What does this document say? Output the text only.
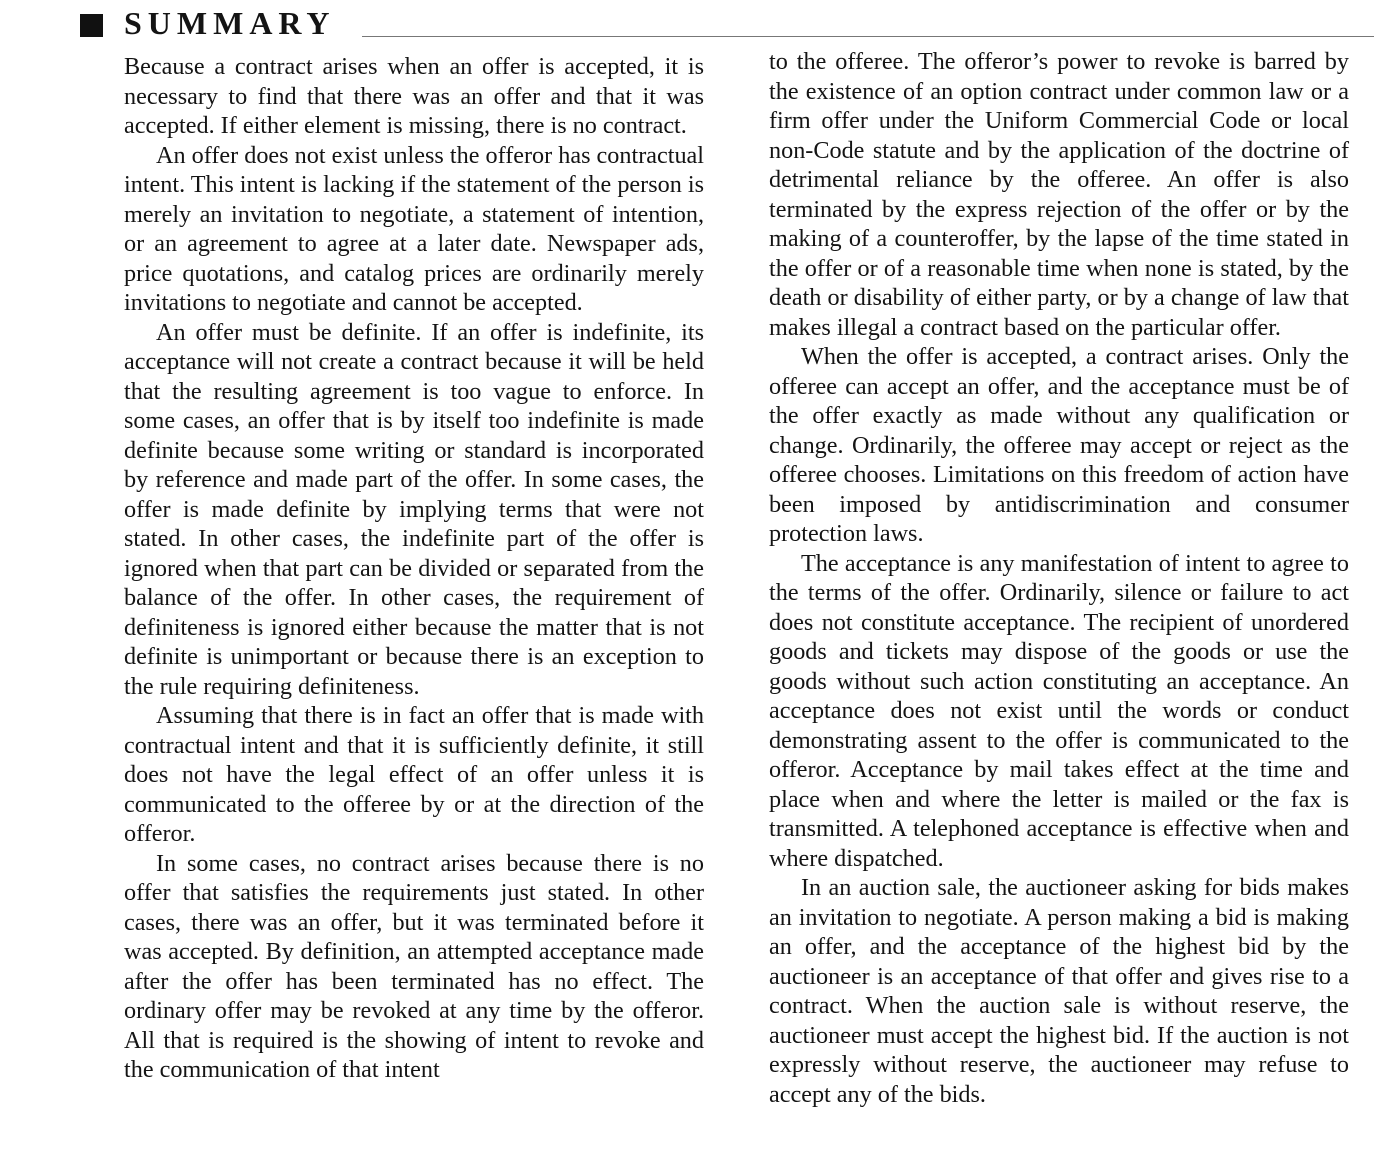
SUMMARY

Because a contract arises when an offer is accepted, it is necessary to find that there was an offer and that it was accepted. If either element is missing, there is no contract.

An offer does not exist unless the offeror has contractual intent. This intent is lacking if the statement of the person is merely an invitation to negotiate, a statement of intention, or an agreement to agree at a later date. Newspaper ads, price quotations, and catalog prices are ordinarily merely invitations to negotiate and cannot be accepted.

An offer must be definite. If an offer is indefinite, its acceptance will not create a contract because it will be held that the resulting agreement is too vague to enforce. In some cases, an offer that is by itself too indefinite is made definite because some writing or standard is incorporated by reference and made part of the offer. In some cases, the offer is made definite by implying terms that were not stated. In other cases, the indefinite part of the offer is ignored when that part can be divided or separated from the balance of the offer. In other cases, the requirement of definiteness is ignored either because the matter that is not definite is unimportant or because there is an exception to the rule requiring definiteness.

Assuming that there is in fact an offer that is made with contractual intent and that it is sufficiently definite, it still does not have the legal effect of an offer unless it is communicated to the offeree by or at the direction of the offeror.

In some cases, no contract arises because there is no offer that satisfies the requirements just stated. In other cases, there was an offer, but it was terminated before it was accepted. By definition, an attempted acceptance made after the offer has been terminated has no effect. The ordinary offer may be revoked at any time by the offeror. All that is required is the showing of intent to revoke and the communication of that intent

to the offeree. The offeror’s power to revoke is barred by the existence of an option contract under common law or a firm offer under the Uniform Commercial Code or local non-Code statute and by the application of the doctrine of detrimental reliance by the offeree. An offer is also terminated by the express rejection of the offer or by the making of a counteroffer, by the lapse of the time stated in the offer or of a reasonable time when none is stated, by the death or disability of either party, or by a change of law that makes illegal a contract based on the particular offer.

When the offer is accepted, a contract arises. Only the offeree can accept an offer, and the acceptance must be of the offer exactly as made without any qualification or change. Ordinarily, the offeree may accept or reject as the offeree chooses. Limitations on this freedom of action have been imposed by antidiscrimination and consumer protection laws.

The acceptance is any manifestation of intent to agree to the terms of the offer. Ordinarily, silence or failure to act does not constitute acceptance. The recipient of unordered goods and tickets may dispose of the goods or use the goods without such action constituting an acceptance. An acceptance does not exist until the words or conduct demonstrating assent to the offer is communicated to the offeror. Acceptance by mail takes effect at the time and place when and where the letter is mailed or the fax is transmitted. A telephoned acceptance is effective when and where dispatched.

In an auction sale, the auctioneer asking for bids makes an invitation to negotiate. A person making a bid is making an offer, and the acceptance of the highest bid by the auctioneer is an acceptance of that offer and gives rise to a contract. When the auction sale is without reserve, the auctioneer must accept the highest bid. If the auction is not expressly without reserve, the auctioneer may refuse to accept any of the bids.
